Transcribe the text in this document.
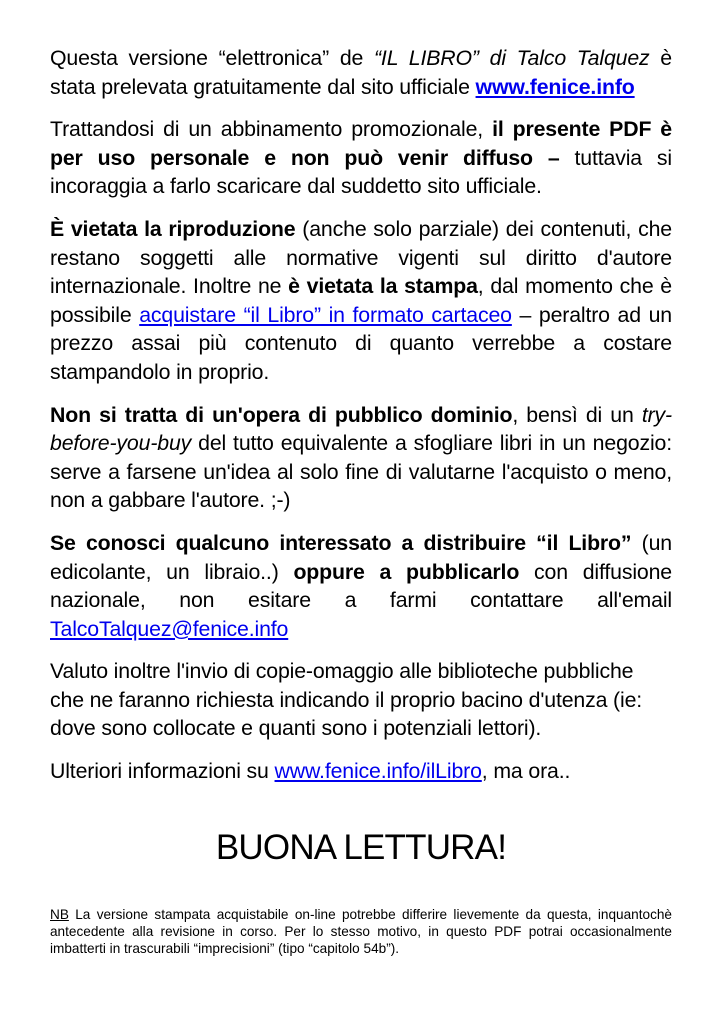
Questa versione “elettronica” de “IL LIBRO” di Talco Talquez è stata prelevata gratuitamente dal sito ufficiale www.fenice.info

Trattandosi di un abbinamento promozionale, il presente PDF è per uso personale e non può venir diffuso – tuttavia si incoraggia a farlo scaricare dal suddetto sito ufficiale.

È vietata la riproduzione (anche solo parziale) dei contenuti, che restano soggetti alle normative vigenti sul diritto d'autore internazionale. Inoltre ne è vietata la stampa, dal momento che è possibile acquistare “il Libro” in formato cartaceo – peraltro ad un prezzo assai più contenuto di quanto verrebbe a costare stampandolo in proprio.

Non si tratta di un'opera di pubblico dominio, bensì di un try-before-you-buy del tutto equivalente a sfogliare libri in un negozio: serve a farsene un'idea al solo fine di valutarne l'acquisto o meno, non a gabbare l'autore. ;-)

Se conosci qualcuno interessato a distribuire “il Libro” (un edicolante, un libraio..) oppure a pubblicarlo con diffusione nazionale, non esitare a farmi contattare all'email TalcoTalquez@fenice.info

Valuto inoltre l'invio di copie-omaggio alle biblioteche pubbliche che ne faranno richiesta indicando il proprio bacino d'utenza (ie: dove sono collocate e quanti sono i potenziali lettori).

Ulteriori informazioni su www.fenice.info/ilLibro, ma ora..

BUONA LETTURA!

NB La versione stampata acquistabile on-line potrebbe differire lievemente da questa, inquantochè antecedente alla revisione in corso. Per lo stesso motivo, in questo PDF potrai occasionalmente imbatterti in trascurabili “imprecisioni” (tipo “capitolo 54b”).
